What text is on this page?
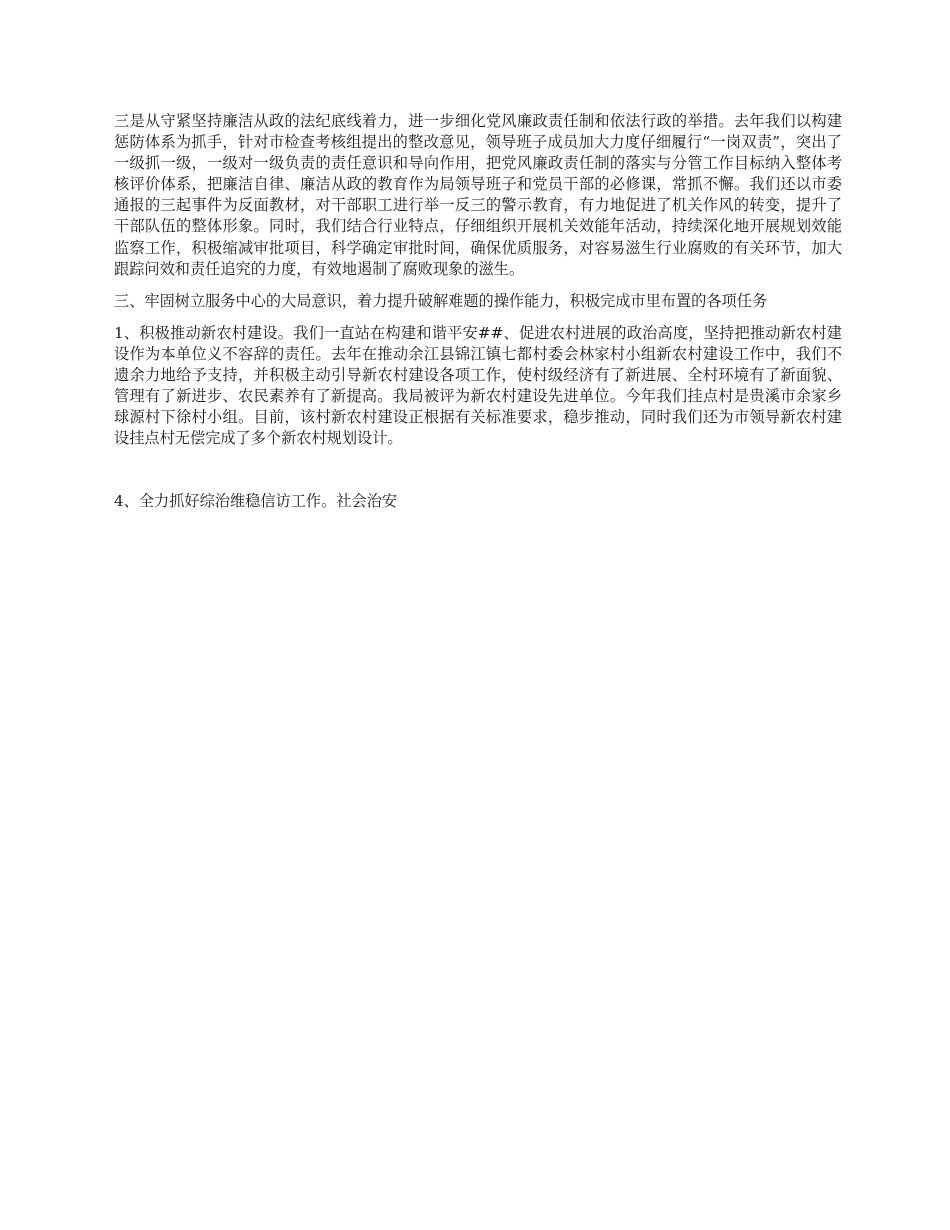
三是从守紧坚持廉洁从政的法纪底线着力，进一步细化党风廉政责任制和依法行政的举措。去年我们以构建惩防体系为抓手，针对市检查考核组提出的整改意见，领导班子成员加大力度仔细履行“一岗双责”，突出了一级抓一级，一级对一级负责的责任意识和导向作用，把党风廉政责任制的落实与分管工作目标纳入整体考核评价体系，把廉洁自律、廉洁从政的教育作为局领导班子和党员干部的必修课，常抓不懈。我们还以市委通报的三起事件为反面教材，对干部职工进行举一反三的警示教育，有力地促进了机关作风的转变，提升了干部队伍的整体形象。同时，我们结合行业特点，仔细组织开展机关效能年活动，持续深化地开展规划效能监察工作，积极缩减审批项目，科学确定审批时间，确保优质服务，对容易滋生行业腐败的有关环节，加大跟踪问效和责任追究的力度，有效地遏制了腐败现象的滋生。

三、牢固树立服务中心的大局意识，着力提升破解难题的操作能力，积极完成市里布置的各项任务

1、积极推动新农村建设。我们一直站在构建和谐平安##、促进农村进展的政治高度，坚持把推动新农村建设作为本单位义不容辞的责任。去年在推动余江县锦江镇七都村委会林家村小组新农村建设工作中，我们不遗余力地给予支持，并积极主动引导新农村建设各项工作，使村级经济有了新进展、全村环境有了新面貌、管理有了新进步、农民素养有了新提高。我局被评为新农村建设先进单位。今年我们挂点村是贵溪市余家乡球源村下徐村小组。目前，该村新农村建设正根据有关标准要求，稳步推动，同时我们还为市领导新农村建设挂点村无偿完成了多个新农村规划设计。

4、全力抓好综治维稳信访工作。社会治安
